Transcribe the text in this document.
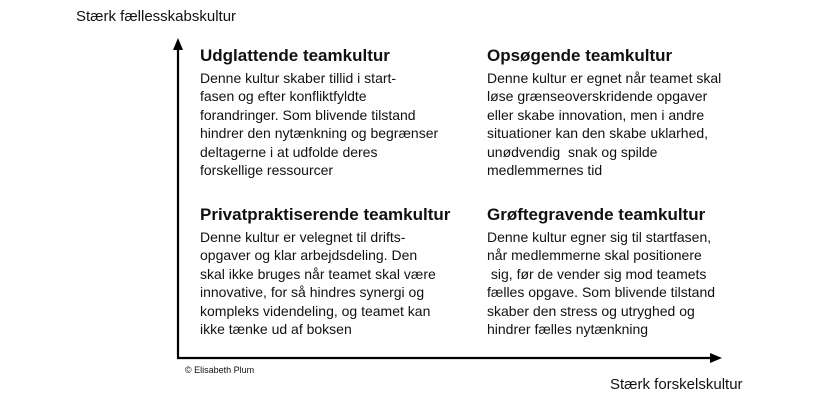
Stærk fællesskabskultur
Stærk forskelskultur
© Elisabeth Plum
Udglattende teamkultur
Denne kultur skaber tillid i start-
fasen og efter konfliktfyldte
forandringer. Som blivende tilstand
hindrer den nytænkning og begrænser
deltagerne i at udfolde deres
forskellige ressourcer
Opsøgende teamkultur
Denne kultur er egnet når teamet skal
løse grænseoverskridende opgaver
eller skabe innovation, men i andre
situationer kan den skabe uklarhed,
unødvendig  snak og spilde
medlemmernes tid
Privatpraktiserende teamkultur
Denne kultur er velegnet til drifts-
opgaver og klar arbejdsdeling. Den
skal ikke bruges når teamet skal være
innovative, for så hindres synergi og
kompleks videndeling, og teamet kan
ikke tænke ud af boksen
Grøftegravende teamkultur
Denne kultur egner sig til startfasen,
når medlemmerne skal positionere
sig, før de vender sig mod teamets
fælles opgave. Som blivende tilstand
skaber den stress og utryghed og
hindrer fælles nytænkning
